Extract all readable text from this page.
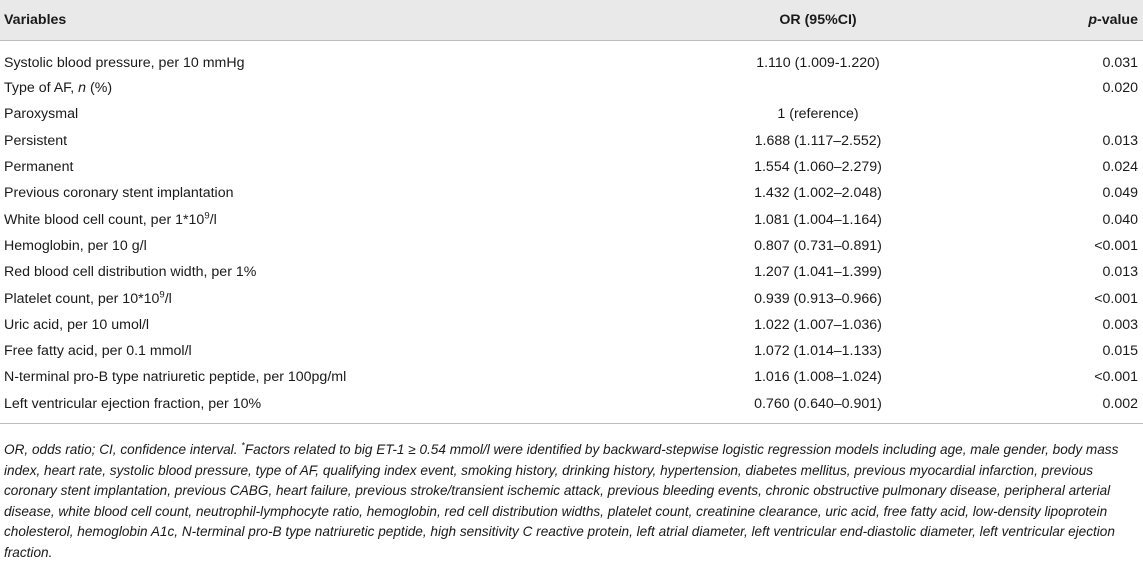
Variables	OR (95%CI)	p-value
Systolic blood pressure, per 10 mmHg	1.110 (1.009-1.220)	0.031
Type of AF, n (%)		0.020
Paroxysmal	1 (reference)	
Persistent	1.688 (1.117–2.552)	0.013
Permanent	1.554 (1.060–2.279)	0.024
Previous coronary stent implantation	1.432 (1.002–2.048)	0.049
White blood cell count, per $1*10^9/l$	1.081 (1.004–1.164)	0.040
Hemoglobin, per 10 g/l	0.807 (0.731–0.891)	<0.001
Red blood cell distribution width, per 1%	1.207 (1.041–1.399)	0.013
Platelet count, per $10*10^9/l$	0.939 (0.913–0.966)	<0.001
Uric acid, per 10 umol/l	1.022 (1.007–1.036)	0.003
Free fatty acid, per 0.1 mmol/l	1.072 (1.014–1.133)	0.015
N-terminal pro-B type natriuretic peptide, per 100pg/ml	1.016 (1.008–1.024)	<0.001
Left ventricular ejection fraction, per 10%	0.760 (0.640–0.901)	0.002

OR, odds ratio; CI, confidence interval. *Factors related to big ET-1 ≥ 0.54 mmol/l were identified by backward-stepwise logistic regression models including age, male gender, body mass index, heart rate, systolic blood pressure, type of AF, qualifying index event, smoking history, drinking history, hypertension, diabetes mellitus, previous myocardial infarction, previous coronary stent implantation, previous CABG, heart failure, previous stroke/transient ischemic attack, previous bleeding events, chronic obstructive pulmonary disease, peripheral arterial disease, white blood cell count, neutrophil-lymphocyte ratio, hemoglobin, red cell distribution widths, platelet count, creatinine clearance, uric acid, free fatty acid, low-density lipoprotein cholesterol, hemoglobin A1c, N-terminal pro-B type natriuretic peptide, high sensitivity C reactive protein, left atrial diameter, left ventricular end-diastolic diameter, left ventricular ejection fraction.
